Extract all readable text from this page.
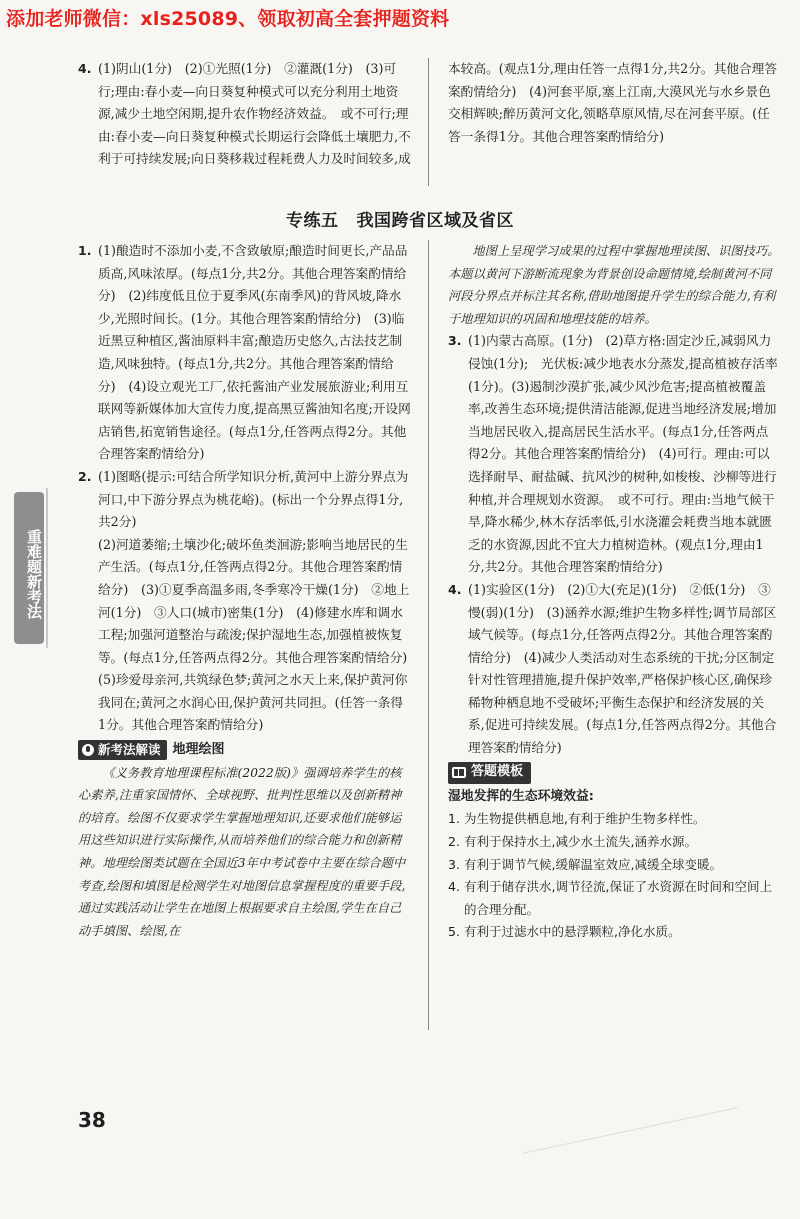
添加老师微信：xls25089、领取初高全套押题资料
4. (1)阴山(1分)　(2)①光照(1分)　②灌溉(1分)　(3)可行;理由:春小麦—向日葵复种模式可以充分利用土地资源,减少土地空闲期,提升农作物经济效益。　或不可行;理由:春小麦—向日葵复种模式长期运行会降低土壤肥力,不利于可持续发展;向日葵移栽过程耗费人力及时间较多,成

本较高。(观点1分,理由任答一点得1分,共2分。其他合理答案酌情给分)　(4)河套平原,塞上江南,大漠风光与水乡景色交相辉映;醉历黄河文化,领略草原风情,尽在河套平原。(任答一条得1分。其他合理答案酌情给分)

专练五 我国跨省区域及省区
重难题新考法
1. (1)酿造时不添加小麦,不含致敏原;酿造时间更长,产品品质高,风味浓厚。(每点1分,共2分。其他合理答案酌情给分)　(2)纬度低且位于夏季风(东南季风)的背风坡,降水少,光照时间长。(1分。其他合理答案酌情给分)　(3)临近黑豆种植区,酱油原料丰富;酿造历史悠久,古法技艺制造,风味独特。(每点1分,共2分。其他合理答案酌情给分)　(4)设立观光工厂,依托酱油产业发展旅游业;利用互联网等新媒体加大宣传力度,提高黑豆酱油知名度;开设网店销售,拓宽销售途径。(每点1分,任答两点得2分。其他合理答案酌情给分)

2. (1)图略(提示:可结合所学知识分析,黄河中上游分界点为河口,中下游分界点为桃花峪)。(标出一个分界点得1分,共2分)

(2)河道萎缩;土壤沙化;破坏鱼类洄游;影响当地居民的生产生活。(每点1分,任答两点得2分。其他合理答案酌情给分)　(3)①夏季高温多雨,冬季寒冷干燥(1分)　②地上河(1分)　③人口(城市)密集(1分)　(4)修建水库和调水工程;加强河道整治与疏浚;保护湿地生态,加强植被恢复等。(每点1分,任答两点得2分。其他合理答案酌情给分)(5)珍爱母亲河,共筑绿色梦;黄河之水天上来,保护黄河你我同在;黄河之水润心田,保护黄河共同担。(任答一条得1分。其他合理答案酌情给分)

新考法解读 地理绘图

《义务教育地理课程标准(2022版)》强调培养学生的核心素养,注重家国情怀、全球视野、批判性思维以及创新精神的培育。绘图不仅要求学生掌握地理知识,还要求他们能够运用这些知识进行实际操作,从而培养他们的综合能力和创新精神。地理绘图类试题在全国近3年中考试卷中主要在综合题中考查,绘图和填图是检测学生对地图信息掌握程度的重要手段,通过实践活动让学生在地图上根据要求自主绘图,学生在自己动手填图、绘图,在

地图上呈现学习成果的过程中掌握地理读图、识图技巧。本题以黄河下游断流现象为背景创设命题情境,绘制黄河不同河段分界点并标注其名称,借助地图提升学生的综合能力,有利于地理知识的巩固和地理技能的培养。

3. (1)内蒙古高原。(1分)　(2)草方格:固定沙丘,减弱风力侵蚀(1分);　光伏板:减少地表水分蒸发,提高植被存活率(1分)。(3)遏制沙漠扩张,减少风沙危害;提高植被覆盖率,改善生态环境;提供清洁能源,促进当地经济发展;增加当地居民收入,提高居民生活水平。(每点1分,任答两点得2分。其他合理答案酌情给分)　(4)可行。理由:可以选择耐旱、耐盐碱、抗风沙的树种,如梭梭、沙柳等进行种植,并合理规划水资源。　或不可行。理由:当地气候干旱,降水稀少,林木存活率低,引水浇灌会耗费当地本就匮乏的水资源,因此不宜大力植树造林。(观点1分,理由1分,共2分。其他合理答案酌情给分)

4. (1)实验区(1分)　(2)①大(充足)(1分)　②低(1分)　③慢(弱)(1分)　(3)涵养水源;维护生物多样性;调节局部区域气候等。(每点1分,任答两点得2分。其他合理答案酌情给分)　(4)减少人类活动对生态系统的干扰;分区制定针对性管理措施,提升保护效率,严格保护核心区,确保珍稀物种栖息地不受破坏;平衡生态保护和经济发展的关系,促进可持续发展。(每点1分,任答两点得2分。其他合理答案酌情给分)

答题模板

湿地发挥的生态环境效益:

1. 为生物提供栖息地,有利于维护生物多样性。
2. 有利于保持水土,减少水土流失,涵养水源。
3. 有利于调节气候,缓解温室效应,减缓全球变暖。
4. 有利于储存洪水,调节径流,保证了水资源在时间和空间上的合理分配。
5. 有利于过滤水中的悬浮颗粒,净化水质。
38
